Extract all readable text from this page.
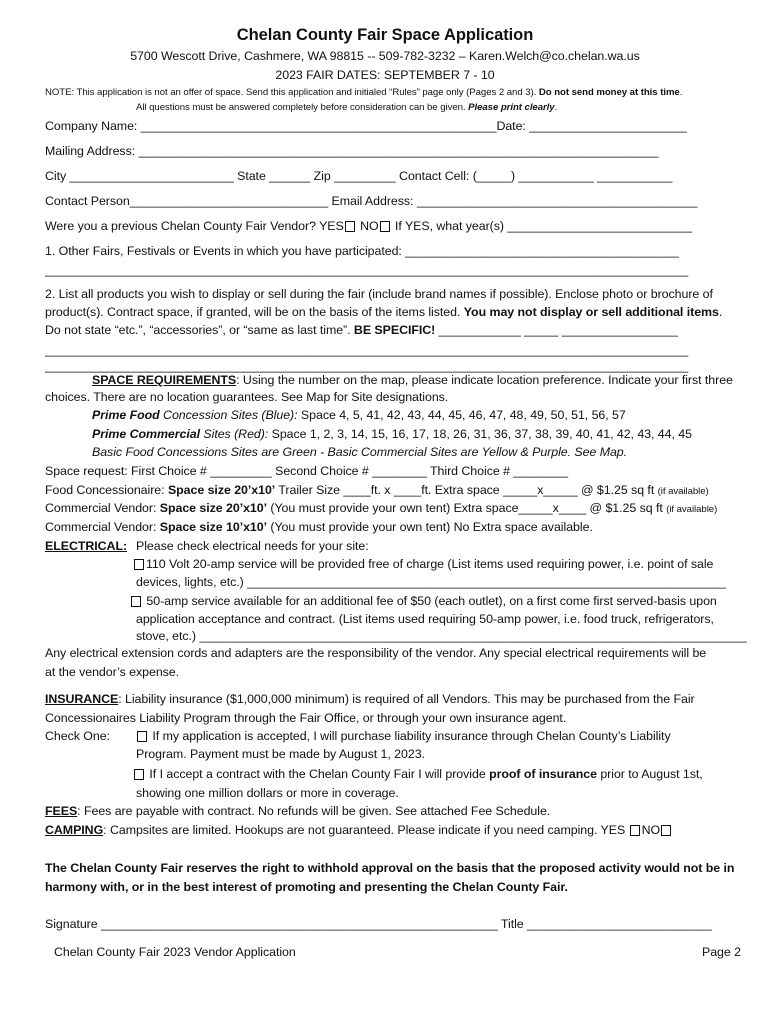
Chelan County Fair Space Application
5700 Wescott Drive, Cashmere, WA 98815 -- 509-782-3232 – Karen.Welch@co.chelan.wa.us
2023 FAIR DATES: SEPTEMBER 7 - 10
NOTE: This application is not an offer of space. Send this application and initialed “Rules” page only (Pages 2 and 3). Do not send money at this time.
All questions must be answered completely before consideration can be given. Please print clearly.
Company Name: ____________________________________________________Date: _______________________
Mailing Address: ____________________________________________________________________________
City ________________________ State ______ Zip _________ Contact Cell: (_____) ___________ ___________
Contact Person_____________________________ Email Address: _________________________________________
Were you a previous Chelan County Fair Vendor? YES NO If YES, what year(s) ___________________________
1. Other Fairs, Festivals or Events in which you have participated: ________________________________________
______________________________________________________________________________________________
2. List all products you wish to display or sell during the fair (include brand names if possible). Enclose photo or brochure of
product(s). Contract space, if granted, will be on the basis of the items listed. You may not display or sell additional items.
Do not state “etc.”, “accessories”, or “same as last time”. BE SPECIFIC! ____________ _____ _________________
______________________________________________________________________________________________
______________________________________________________________________________________________
SPACE REQUIREMENTS: Using the number on the map, please indicate location preference. Indicate your first three
choices. There are no location guarantees. See Map for Site designations.
Prime Food Concession Sites (Blue): Space 4, 5, 41, 42, 43, 44, 45, 46, 47, 48, 49, 50, 51, 56, 57
Prime Commercial Sites (Red): Space 1, 2, 3, 14, 15, 16, 17, 18, 26, 31, 36, 37, 38, 39, 40, 41, 42, 43, 44, 45
Basic Food Concessions Sites are Green - Basic Commercial Sites are Yellow & Purple. See Map.
Space request: First Choice # _________ Second Choice # ________ Third Choice # ________
Food Concessionaire: Space size 20’x10’ Trailer Size ____ft. x ____ft. Extra space _____x_____ @ $1.25 sq ft (if available)
Commercial Vendor: Space size 20’x10’ (You must provide your own tent) Extra space_____x____ @ $1.25 sq ft (if available)
Commercial Vendor: Space size 10’x10’ (You must provide your own tent) No Extra space available.
ELECTRICAL: Please check electrical needs for your site:
110 Volt 20-amp service will be provided free of charge (List items used requiring power, i.e. point of sale
devices, lights, etc.) ______________________________________________________________________
50-amp service available for an additional fee of $50 (each outlet), on a first come first served-basis upon
application acceptance and contract. (List items used requiring 50-amp power, i.e. food truck, refrigerators,
stove, etc.) ________________________________________________________________________________
Any electrical extension cords and adapters are the responsibility of the vendor. Any special electrical requirements will be
at the vendor’s expense.
INSURANCE: Liability insurance ($1,000,000 minimum) is required of all Vendors. This may be purchased from the Fair
Concessionaires Liability Program through the Fair Office, or through your own insurance agent.
Check One:	If my application is accepted, I will purchase liability insurance through Chelan County’s Liability
Program. Payment must be made by August 1, 2023.
If I accept a contract with the Chelan County Fair I will provide proof of insurance prior to August 1st,
showing one million dollars or more in coverage.
FEES: Fees are payable with contract. No refunds will be given. See attached Fee Schedule.
CAMPING: Campsites are limited. Hookups are not guaranteed. Please indicate if you need camping. YES NO
The Chelan County Fair reserves the right to withhold approval on the basis that the proposed activity would not be in
harmony with, or in the best interest of promoting and presenting the Chelan County Fair.
Signature __________________________________________________________ Title ___________________________
Chelan County Fair 2023 Vendor Application	Page 2
